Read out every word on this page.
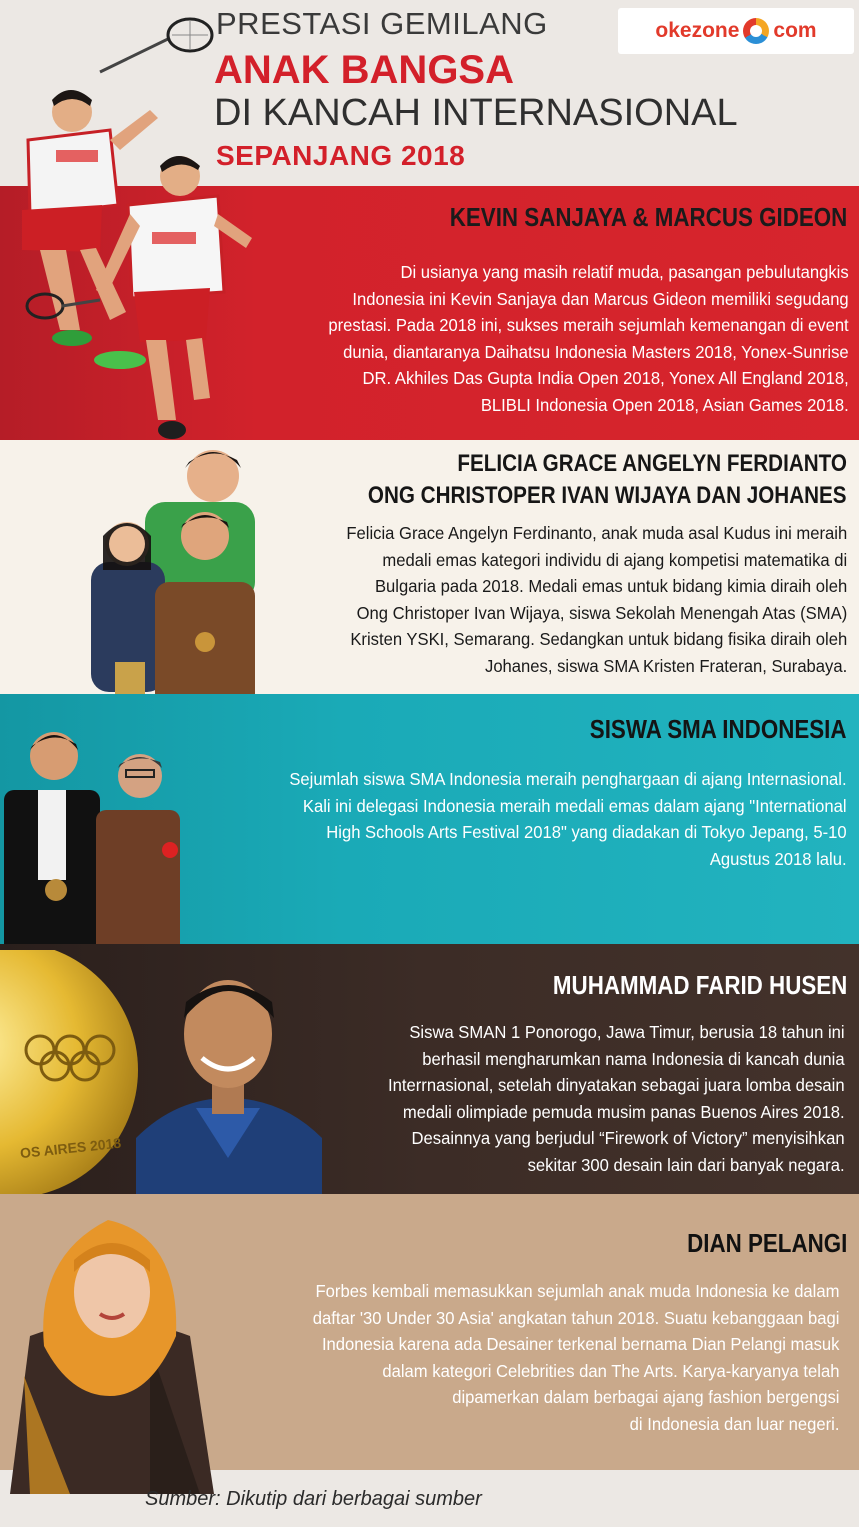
PRESTASI GEMILANG
ANAK BANGSA
DI KANCAH INTERNASIONAL
SEPANJANG 2018
okezone com
KEVIN SANJAYA & MARCUS GIDEON
Di usianya yang masih relatif muda, pasangan pebulutangkis
Indonesia ini Kevin Sanjaya dan Marcus Gideon memiliki segudang
prestasi. Pada 2018 ini, sukses meraih sejumlah kemenangan di event
dunia, diantaranya Daihatsu Indonesia Masters 2018, Yonex-Sunrise
DR. Akhiles Das Gupta India Open 2018, Yonex All England 2018,
BLIBLI Indonesia Open 2018, Asian Games 2018.
FELICIA GRACE ANGELYN FERDIANTO
ONG CHRISTOPER IVAN WIJAYA DAN JOHANES
Felicia Grace Angelyn Ferdinanto, anak muda asal Kudus ini meraih
medali emas kategori individu di ajang kompetisi matematika di
Bulgaria pada 2018. Medali emas untuk bidang kimia diraih oleh
Ong Christoper Ivan Wijaya, siswa Sekolah Menengah Atas (SMA)
Kristen YSKI, Semarang. Sedangkan untuk bidang fisika diraih oleh
Johanes, siswa SMA Kristen Frateran, Surabaya.
SISWA SMA INDONESIA
Sejumlah siswa SMA Indonesia meraih penghargaan di ajang Internasional.
Kali ini delegasi Indonesia meraih medali emas dalam ajang "International
High Schools Arts Festival 2018" yang diadakan di Tokyo Jepang, 5-10
Agustus 2018 lalu.
MUHAMMAD FARID HUSEN
Siswa SMAN 1 Ponorogo, Jawa Timur, berusia 18 tahun ini
berhasil mengharumkan nama Indonesia di kancah dunia
Interrnasional, setelah dinyatakan sebagai juara lomba desain
medali olimpiade pemuda musim panas Buenos Aires 2018.
Desainnya yang berjudul “Firework of Victory” menyisihkan
sekitar 300 desain lain dari banyak negara.
OS AIRES 2018
DIAN PELANGI
Forbes kembali memasukkan sejumlah anak muda Indonesia ke dalam
daftar '30 Under 30 Asia' angkatan tahun 2018. Suatu kebanggaan bagi
Indonesia karena ada Desainer terkenal bernama Dian Pelangi masuk
dalam kategori Celebrities dan The Arts. Karya-karyanya telah
dipamerkan dalam berbagai ajang fashion bergengsi
di Indonesia dan luar negeri.
Sumber: Dikutip dari berbagai sumber
